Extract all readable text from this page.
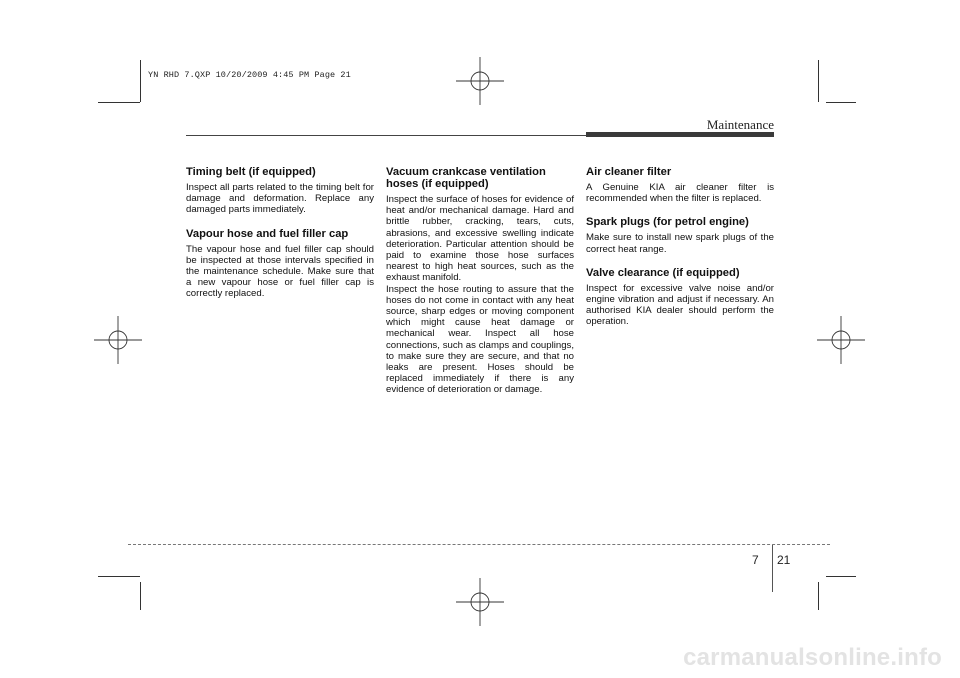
YN RHD 7.QXP 10/20/2009 4:45 PM Page 21
Maintenance
Timing belt (if equipped)

Inspect all parts related to the timing belt for damage and deformation. Replace any damaged parts immediately.

Vapour hose and fuel filler cap

The vapour hose and fuel filler cap should be inspected at those intervals specified in the maintenance schedule. Make sure that a new vapour hose or fuel filler cap is correctly replaced.

Vacuum crankcase ventilation hoses (if equipped)

Inspect the surface of hoses for evidence of heat and/or mechanical damage. Hard and brittle rubber, cracking, tears, cuts, abrasions, and excessive swelling indicate deterioration. Particular attention should be paid to examine those hose surfaces nearest to high heat sources, such as the exhaust manifold.

Inspect the hose routing to assure that the hoses do not come in contact with any heat source, sharp edges or moving component which might cause heat damage or mechanical wear. Inspect all hose connections, such as clamps and couplings, to make sure they are secure, and that no leaks are present. Hoses should be replaced immediately if there is any evidence of deterioration or damage.

Air cleaner filter

A Genuine KIA air cleaner filter is recommended when the filter is replaced.

Spark plugs (for petrol engine)

Make sure to install new spark plugs of the correct heat range.

Valve clearance (if equipped)

Inspect for excessive valve noise and/or engine vibration and adjust if necessary. An authorised KIA dealer should perform the operation.

7 21
carmanualsonline.info
